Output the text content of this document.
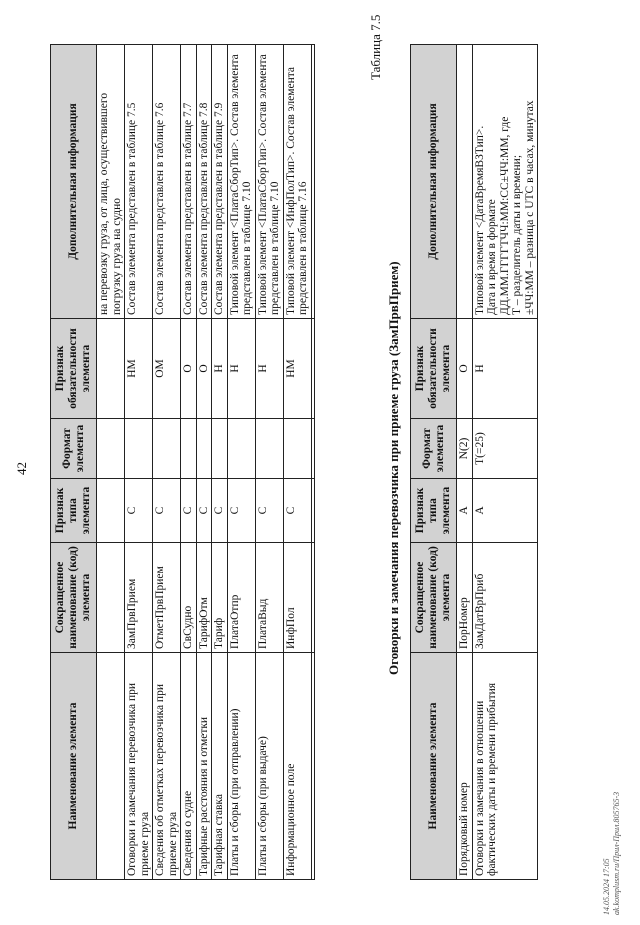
42
Наименование элемента	Сокращенное наименование (код) элемента	Признак типа элемента	Формат элемента	Признак обязательности элемента	Дополнительная информация
					на перевозку груза, от лица, осуществившего погрузку груза на судно
Оговорки и замечания перевозчика при приеме груза	ЗамПрвПрием	С		НМ	Состав элемента представлен в таблице 7.5
Сведения об отметках перевозчика при приеме груза	ОтметПрвПрием	С		ОМ	Состав элемента представлен в таблице 7.6
Сведения о судне	СвСудно	С		О	Состав элемента представлен в таблице 7.7
Тарифные расстояния и отметки	ТарифОтм	С		О	Состав элемента представлен в таблице 7.8
Тарифная ставка	Тариф	С		Н	Состав элемента представлен в таблице 7.9
Платы и сборы (при отправлении)	ПлатаОтпр	С		Н	Типовой элемент <ПлатаСборТип>. Состав элемента представлен в таблице 7.10
Платы и сборы (при выдаче)	ПлатаВыд	С		Н	Типовой элемент <ПлатаСборТип>. Состав элемента представлен в таблице 7.10
Информационное поле	ИнфПол	С		НМ	Типовой элемент <ИнфПолТип>. Состав элемента представлен в таблице 7.16

Таблица 7.5
Оговорки и замечания перевозчика при приеме груза (ЗамПрвПрием)
Наименование элемента	Сокращенное наименование (код) элемента	Признак типа элемента	Формат элемента	Признак обязательности элемента	Дополнительная информация
Порядковый номер	ПорНомер	А	N(2)	О	
Оговорки и замечания в отношении фактических даты и времени прибытия	ЗамДатВрПриб	А	T(=25)	Н	Типовой элемент <ДатаВремяВЗТип>. Дата и время в формате ДД.ММ.ГГГГТЧЧ:ММ:СС±ЧЧ:ММ, где Т – разделитель даты и времени; ±ЧЧ:ММ – разница с UTC в часах, минутах
14.05.2024 17:05 ak.komplusm.ru/Прил-Прил.805765-3
